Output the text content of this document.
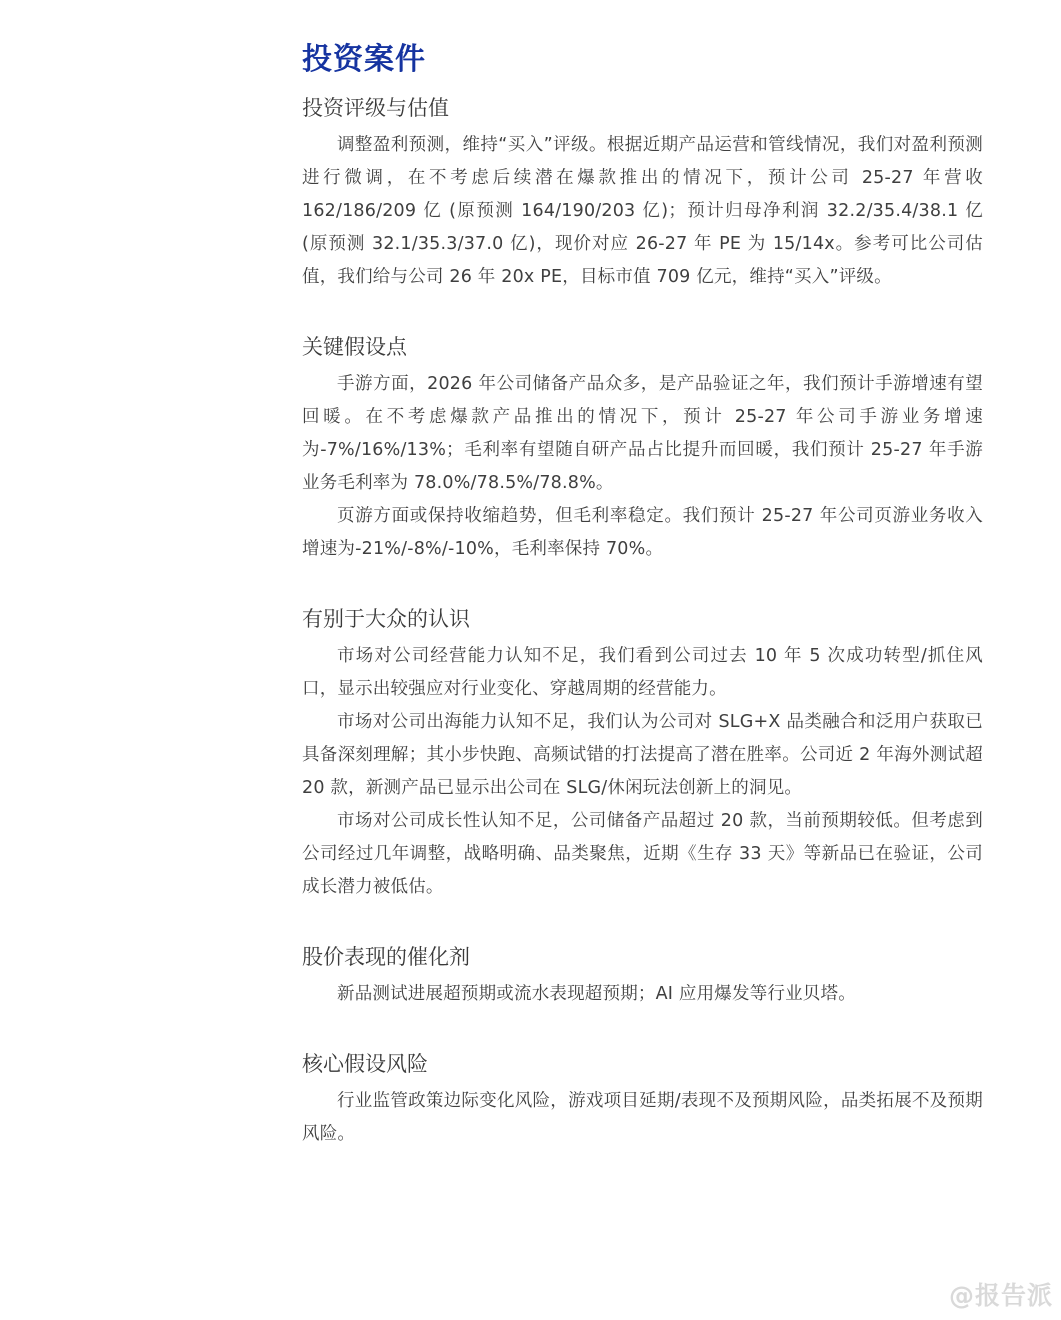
投资案件
投资评级与估值

调整盈利预测，维持“买入”评级。根据近期产品运营和管线情况，我们对盈利预测进行微调，在不考虑后续潜在爆款推出的情况下，预计公司 25-27 年营收 162/186/209 亿 (原预测 164/190/203 亿)；预计归母净利润 32.2/35.4/38.1 亿 (原预测 32.1/35.3/37.0 亿)，现价对应 26-27 年 PE 为 15/14x。参考可比公司估值，我们给与公司 26 年 20x PE，目标市值 709 亿元，维持“买入”评级。

关键假设点

手游方面，2026 年公司储备产品众多，是产品验证之年，我们预计手游增速有望回暖。在不考虑爆款产品推出的情况下，预计 25-27 年公司手游业务增速为-7%/16%/13%；毛利率有望随自研产品占比提升而回暖，我们预计 25-27 年手游业务毛利率为 78.0%/78.5%/78.8%。

页游方面或保持收缩趋势，但毛利率稳定。我们预计 25-27 年公司页游业务收入增速为-21%/-8%/-10%，毛利率保持 70%。

有别于大众的认识

市场对公司经营能力认知不足，我们看到公司过去 10 年 5 次成功转型/抓住风口，显示出较强应对行业变化、穿越周期的经营能力。

市场对公司出海能力认知不足，我们认为公司对 SLG+X 品类融合和泛用户获取已具备深刻理解；其小步快跑、高频试错的打法提高了潜在胜率。公司近 2 年海外测试超 20 款，新测产品已显示出公司在 SLG/休闲玩法创新上的洞见。

市场对公司成长性认知不足，公司储备产品超过 20 款，当前预期较低。但考虑到公司经过几年调整，战略明确、品类聚焦，近期《生存 33 天》等新品已在验证，公司成长潜力被低估。

股价表现的催化剂

新品测试进展超预期或流水表现超预期；AI 应用爆发等行业贝塔。

核心假设风险

行业监管政策边际变化风险，游戏项目延期/表现不及预期风险，品类拓展不及预期风险。

@报告派
